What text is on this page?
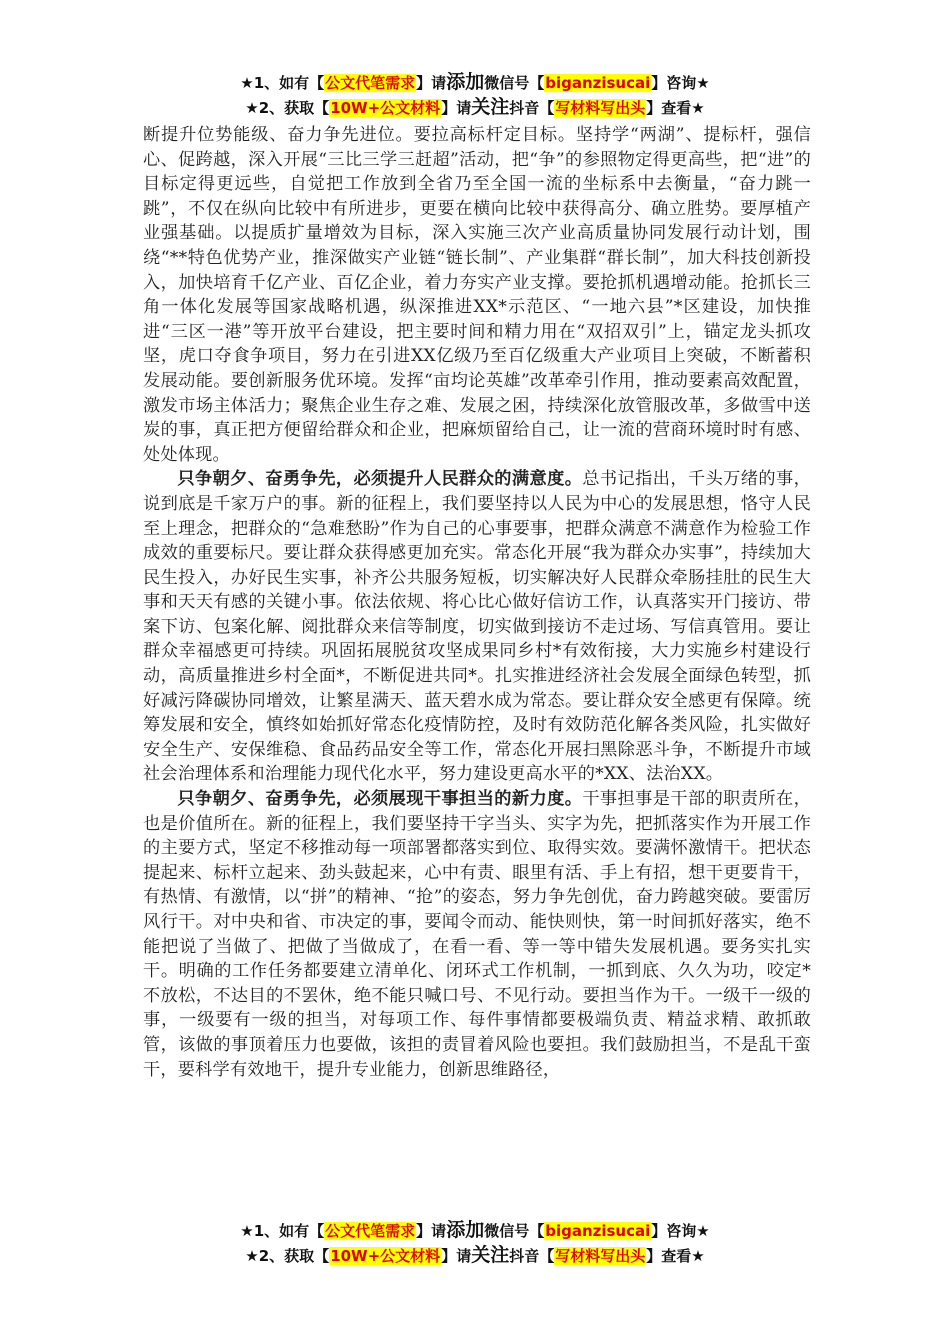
★1、如有【公文代笔需求】请添加微信号【biganzisucai】咨询★
★2、获取【10W+公文材料】请关注抖音【写材料写出头】查看★

断提升位势能级、奋力争先进位。要拉高标杆定目标。坚持学“两湖”、提标杆，强信心、促跨越，深入开展“三比三学三赶超”活动，把“争”的参照物定得更高些，把“进”的目标定得更远些，自觉把工作放到全省乃至全国一流的坐标系中去衡量，“奋力跳一跳”，不仅在纵向比较中有所进步，更要在横向比较中获得高分、确立胜势。要厚植产业强基础。以提质扩量增效为目标，深入实施三次产业高质量协同发展行动计划，围绕“**特色优势产业，推深做实产业链“链长制”、产业集群“群长制”，加大科技创新投入，加快培育千亿产业、百亿企业，着力夯实产业支撑。要抢抓机遇增动能。抢抓长三角一体化发展等国家战略机遇，纵深推进XX*示范区、“一地六县”*区建设，加快推进“三区一港”等开放平台建设，把主要时间和精力用在“双招双引”上，锚定龙头抓攻坚，虎口夺食争项目，努力在引进XX亿级乃至百亿级重大产业项目上突破，不断蓄积发展动能。要创新服务优环境。发挥“亩均论英雄”改革牵引作用，推动要素高效配置，激发市场主体活力；聚焦企业生存之难、发展之困，持续深化放管服改革，多做雪中送炭的事，真正把方便留给群众和企业，把麻烦留给自己，让一流的营商环境时时有感、处处体现。

只争朝夕、奋勇争先，必须提升人民群众的满意度。总书记指出，千头万绪的事，说到底是千家万户的事。新的征程上，我们要坚持以人民为中心的发展思想，恪守人民至上理念，把群众的“急难愁盼”作为自己的心事要事，把群众满意不满意作为检验工作成效的重要标尺。要让群众获得感更加充实。常态化开展“我为群众办实事”，持续加大民生投入，办好民生实事，补齐公共服务短板，切实解决好人民群众牵肠挂肚的民生大事和天天有感的关键小事。依法依规、将心比心做好信访工作，认真落实开门接访、带案下访、包案化解、阅批群众来信等制度，切实做到接访不走过场、写信真管用。要让群众幸福感更可持续。巩固拓展脱贫攻坚成果同乡村*有效衔接，大力实施乡村建设行动，高质量推进乡村全面*，不断促进共同*。扎实推进经济社会发展全面绿色转型，抓好减污降碳协同增效，让繁星满天、蓝天碧水成为常态。要让群众安全感更有保障。统筹发展和安全，慎终如始抓好常态化疫情防控，及时有效防范化解各类风险，扎实做好安全生产、安保维稳、食品药品安全等工作，常态化开展扫黑除恶斗争，不断提升市域社会治理体系和治理能力现代化水平，努力建设更高水平的*XX、法治XX。

只争朝夕、奋勇争先，必须展现干事担当的新力度。干事担事是干部的职责所在，也是价值所在。新的征程上，我们要坚持干字当头、实字为先，把抓落实作为开展工作的主要方式，坚定不移推动每一项部署都落实到位、取得实效。要满怀激情干。把状态提起来、标杆立起来、劲头鼓起来，心中有责、眼里有活、手上有招，想干更要肯干，有热情、有激情，以“拼”的精神、“抢”的姿态，努力争先创优，奋力跨越突破。要雷厉风行干。对中央和省、市决定的事，要闻令而动、能快则快，第一时间抓好落实，绝不能把说了当做了、把做了当做成了，在看一看、等一等中错失发展机遇。要务实扎实干。明确的工作任务都要建立清单化、闭环式工作机制，一抓到底、久久为功，咬定*不放松，不达目的不罢休，绝不能只喊口号、不见行动。要担当作为干。一级干一级的事，一级要有一级的担当，对每项工作、每件事情都要极端负责、精益求精、敢抓敢管，该做的事顶着压力也要做，该担的责冒着风险也要担。我们鼓励担当，不是乱干蛮干，要科学有效地干，提升专业能力，创新思维路径，

★1、如有【公文代笔需求】请添加微信号【biganzisucai】咨询★
★2、获取【10W+公文材料】请关注抖音【写材料写出头】查看★
